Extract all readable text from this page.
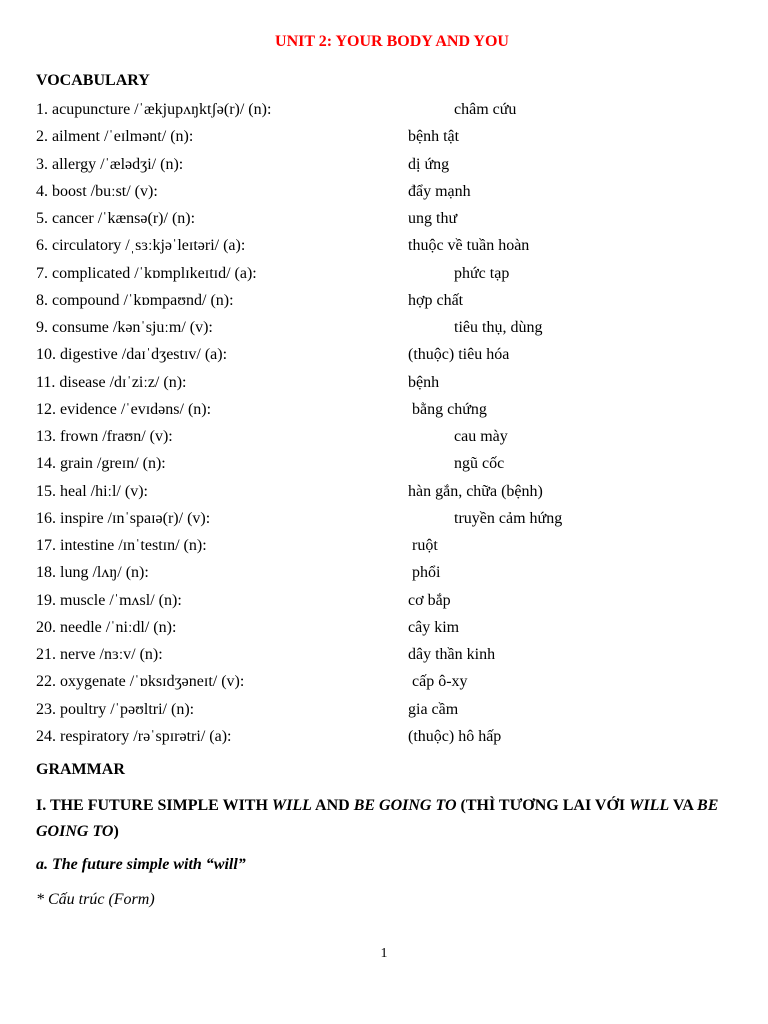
UNIT 2: YOUR BODY AND YOU
VOCABULARY
1. acupuncture /ˈækjupʌŋktʃə(r)/ (n):	châm cứu
2. ailment /ˈeɪlmənt/ (n):	bệnh tật
3. allergy /ˈælədʒi/ (n):	dị ứng
4. boost /buːst/ (v):	đẩy mạnh
5. cancer /ˈkænsə(r)/ (n):	ung thư
6. circulatory /ˌsɜːkjəˈleɪtəri/ (a):	thuộc về tuần hoàn
7. complicated /ˈkɒmplɪkeɪtɪd/ (a):	phức tạp
8. compound /ˈkɒmpaʊnd/ (n):	hợp chất
9. consume /kənˈsjuːm/ (v):	tiêu thụ, dùng
10. digestive /daɪˈdʒestɪv/ (a):	(thuộc) tiêu hóa
11. disease /dɪˈziːz/ (n):	bệnh
12. evidence /ˈevɪdəns/ (n):	bằng chứng
13. frown /fraʊn/ (v):	cau mày
14. grain /greɪn/ (n):	ngũ cốc
15. heal /hiːl/ (v):	hàn gắn, chữa (bệnh)
16. inspire /ɪnˈspaɪə(r)/ (v):	truyền cảm hứng
17. intestine /ɪnˈtestɪn/ (n):	ruột
18. lung /lʌŋ/ (n):	phổi
19. muscle /ˈmʌsl/ (n):	cơ bắp
20. needle /ˈniːdl/ (n):	cây kim
21. nerve /nɜːv/ (n):	dây thần kinh
22. oxygenate /ˈɒksɪdʒəneɪt/ (v):	cấp ô-xy
23. poultry /ˈpəʊltri/ (n):	gia cầm
24. respiratory /rəˈspɪrətri/ (a):	(thuộc) hô hấp
GRAMMAR
I. THE FUTURE SIMPLE WITH WILL AND BE GOING TO (THÌ TƯƠNG LAI VỚI WILL VA BE GOING TO)
a. The future simple with “will”
* Cấu trúc (Form)
1
